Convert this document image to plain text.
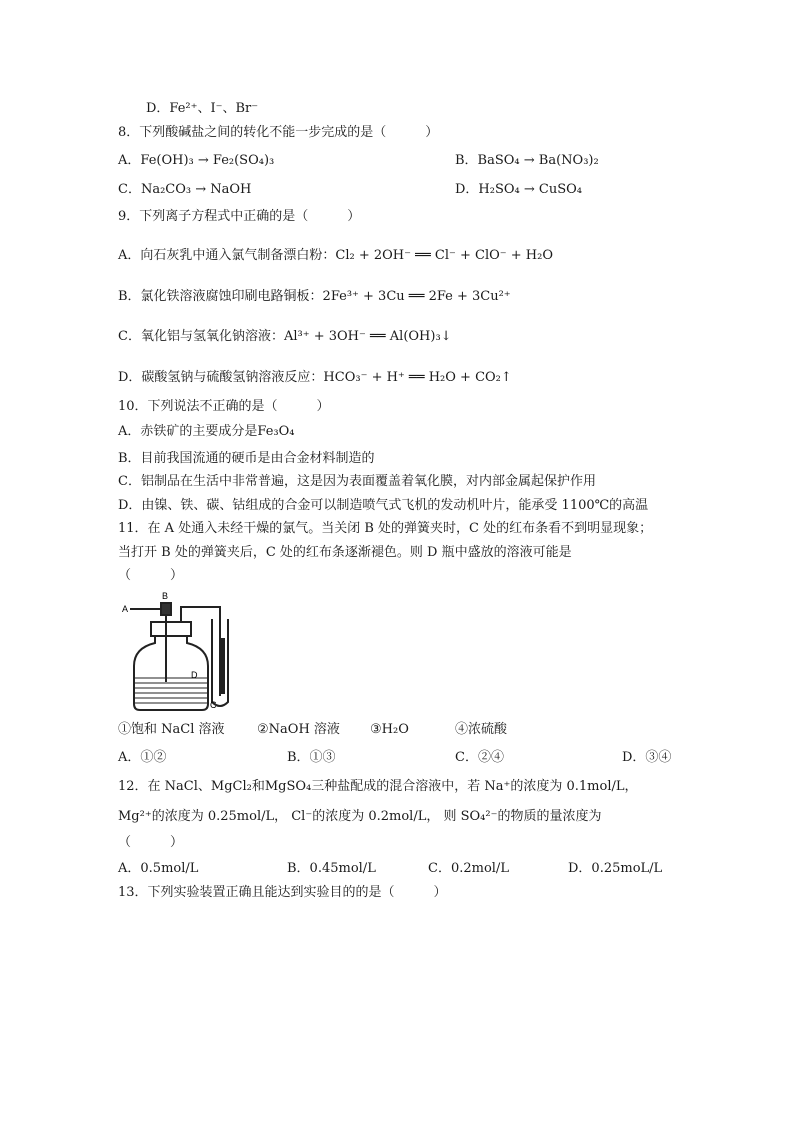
D．Fe²⁺、I⁻、Br⁻
8．下列酸碱盐之间的转化不能一步完成的是（　　　）
A．Fe(OH)₃ → Fe₂(SO₄)₃	B．BaSO₄ → Ba(NO₃)₂
C．Na₂CO₃ → NaOH	D．H₂SO₄ → CuSO₄
9．下列离子方程式中正确的是（　　　）
A．向石灰乳中通入氯气制备漂白粉：Cl₂ + 2OH⁻ ══ Cl⁻ + ClO⁻ + H₂O
B．氯化铁溶液腐蚀印刷电路铜板：2Fe³⁺ + 3Cu ══ 2Fe + 3Cu²⁺
C．氧化铝与氢氧化钠溶液：Al³⁺ + 3OH⁻ ══ Al(OH)₃↓
D．碳酸氢钠与硫酸氢钠溶液反应：HCO₃⁻ + H⁺ ══ H₂O + CO₂↑
10．下列说法不正确的是（　　　）
A．赤铁矿的主要成分是Fe₃O₄
B．目前我国流通的硬币是由合金材料制造的
C．铝制品在生活中非常普遍，这是因为表面覆盖着氧化膜，对内部金属起保护作用
D．由镍、铁、碳、钴组成的合金可以制造喷气式飞机的发动机叶片，能承受 1100℃的高温
11．在 A 处通入未经干燥的氯气。当关闭 B 处的弹簧夹时，C 处的红布条看不到明显现象；
当打开 B 处的弹簧夹后，C 处的红布条逐渐褪色。则 D 瓶中盛放的溶液可能是
（　　　）
A
B
D
C
①饱和 NaCl 溶液	②NaOH 溶液 ③H₂O	④浓硫酸
A．①②	B．①③	C．②④	D．③④
12．在 NaCl、MgCl₂和MgSO₄三种盐配成的混合溶液中，若 Na⁺的浓度为 0.1mol/L，
Mg²⁺的浓度为 0.25mol/L， Cl⁻的浓度为 0.2mol/L， 则 SO₄²⁻的物质的量浓度为
（　　　）
A．0.5mol/L	B．0.45mol/L	C．0.2mol/L	D．0.25moL/L
13．下列实验装置正确且能达到实验目的的是（　　　）
